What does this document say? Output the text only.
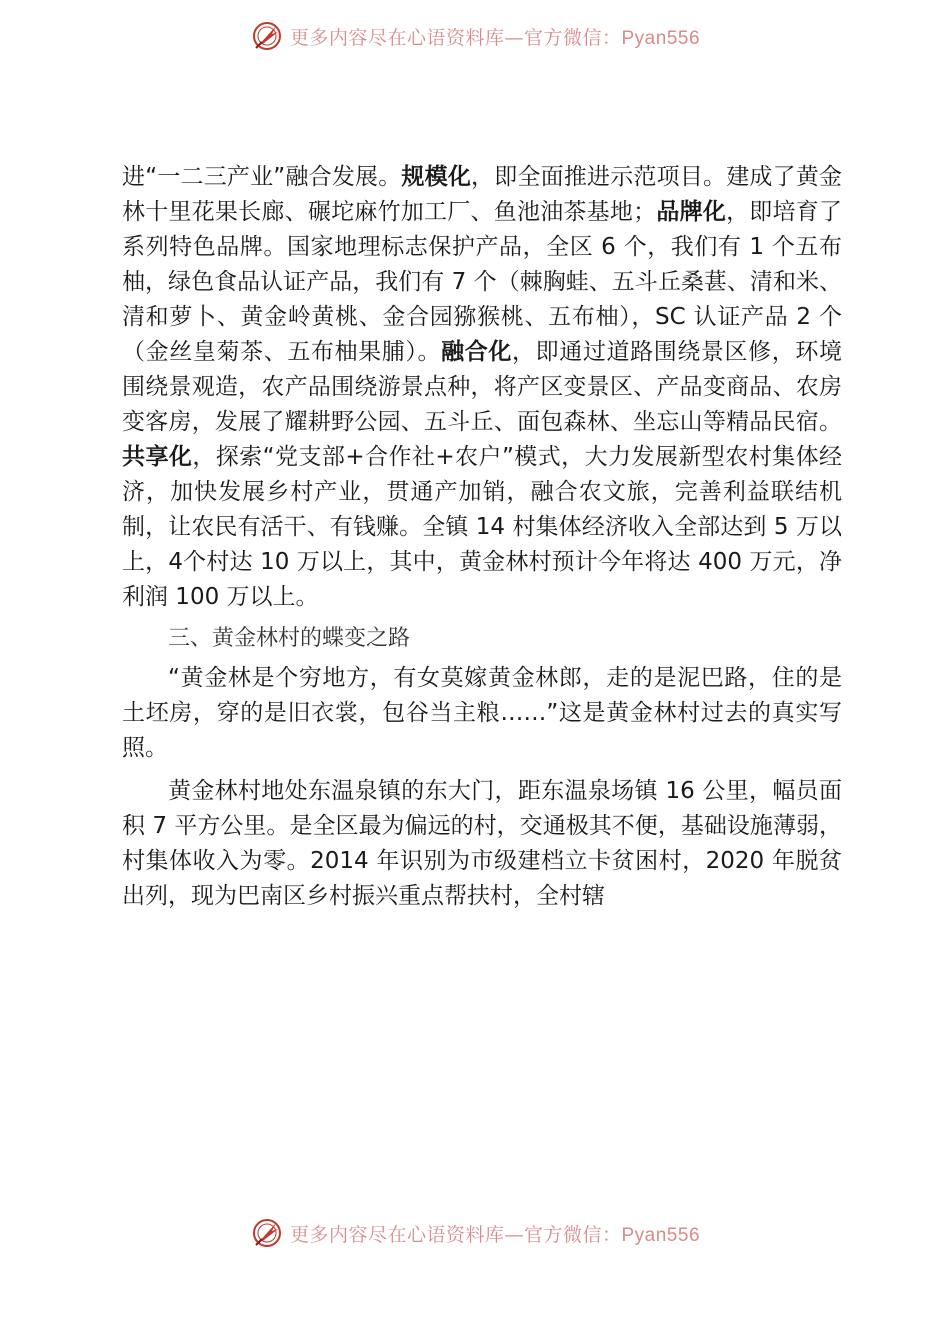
更多内容尽在心语资料库—官方微信：Pyan556

进“一二三产业”融合发展。规模化，即全面推进示范项目。建成了黄金林十里花果长廊、碾坨麻竹加工厂、鱼池油茶基地；品牌化，即培育了系列特色品牌。国家地理标志保护产品，全区 6 个，我们有 1 个五布柚，绿色食品认证产品，我们有 7 个（棘胸蛙、五斗丘桑葚、清和米、清和萝卜、黄金岭黄桃、金合园猕猴桃、五布柚），SC 认证产品 2 个（金丝皇菊茶、五布柚果脯）。融合化，即通过道路围绕景区修，环境围绕景观造，农产品围绕游景点种，将产区变景区、产品变商品、农房变客房，发展了耀耕野公园、五斗丘、面包森林、坐忘山等精品民宿。共享化，探索“党支部+合作社+农户”模式，大力发展新型农村集体经济，加快发展乡村产业，贯通产加销，融合农文旅，完善利益联结机制，让农民有活干、有钱赚。全镇 14 村集体经济收入全部达到 5 万以上，4个村达 10 万以上，其中，黄金林村预计今年将达 400 万元，净利润 100 万以上。

三、黄金林村的蝶变之路

“黄金林是个穷地方，有女莫嫁黄金林郎，走的是泥巴路，住的是土坯房，穿的是旧衣裳，包谷当主粮……”这是黄金林村过去的真实写照。

黄金林村地处东温泉镇的东大门，距东温泉场镇 16 公里，幅员面积 7 平方公里。是全区最为偏远的村，交通极其不便，基础设施薄弱，村集体收入为零。2014 年识别为市级建档立卡贫困村，2020 年脱贫出列，现为巴南区乡村振兴重点帮扶村，全村辖

更多内容尽在心语资料库—官方微信：Pyan556
